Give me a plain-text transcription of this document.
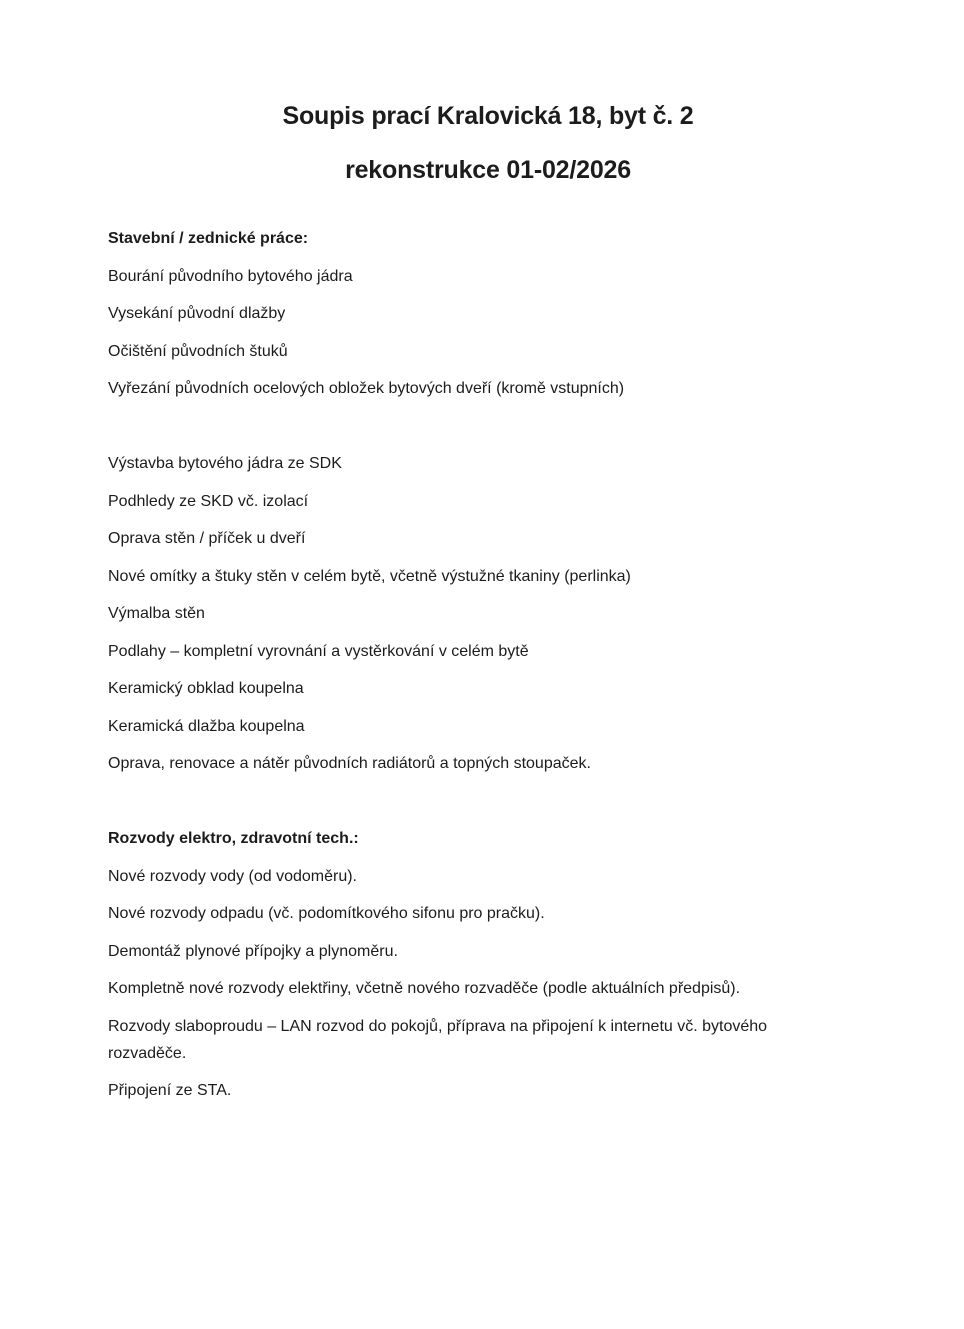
Soupis prací Kralovická 18, byt č. 2
rekonstrukce 01-02/2026
Stavební / zednické práce:
Bourání původního bytového jádra
Vysekání původní dlažby
Očištění původních štuků
Vyřezání původních ocelových obložek bytových dveří (kromě vstupních)
Výstavba bytového jádra ze SDK
Podhledy ze SKD vč. izolací
Oprava stěn / příček u dveří
Nové omítky a štuky stěn v celém bytě, včetně výstužné tkaniny (perlinka)
Výmalba stěn
Podlahy – kompletní vyrovnání a vystěrkování v celém bytě
Keramický obklad koupelna
Keramická dlažba koupelna
Oprava, renovace a nátěr původních radiátorů a topných stoupaček.
Rozvody elektro, zdravotní tech.:
Nové rozvody vody (od vodoměru).
Nové rozvody odpadu (vč. podomítkového sifonu pro pračku).
Demontáž plynové přípojky a plynoměru.
Kompletně nové rozvody elektřiny, včetně nového rozvaděče (podle aktuálních předpisů).
Rozvody slaboproudu – LAN rozvod do pokojů, příprava na připojení k internetu vč. bytového
rozvaděče.
Připojení ze STA.
